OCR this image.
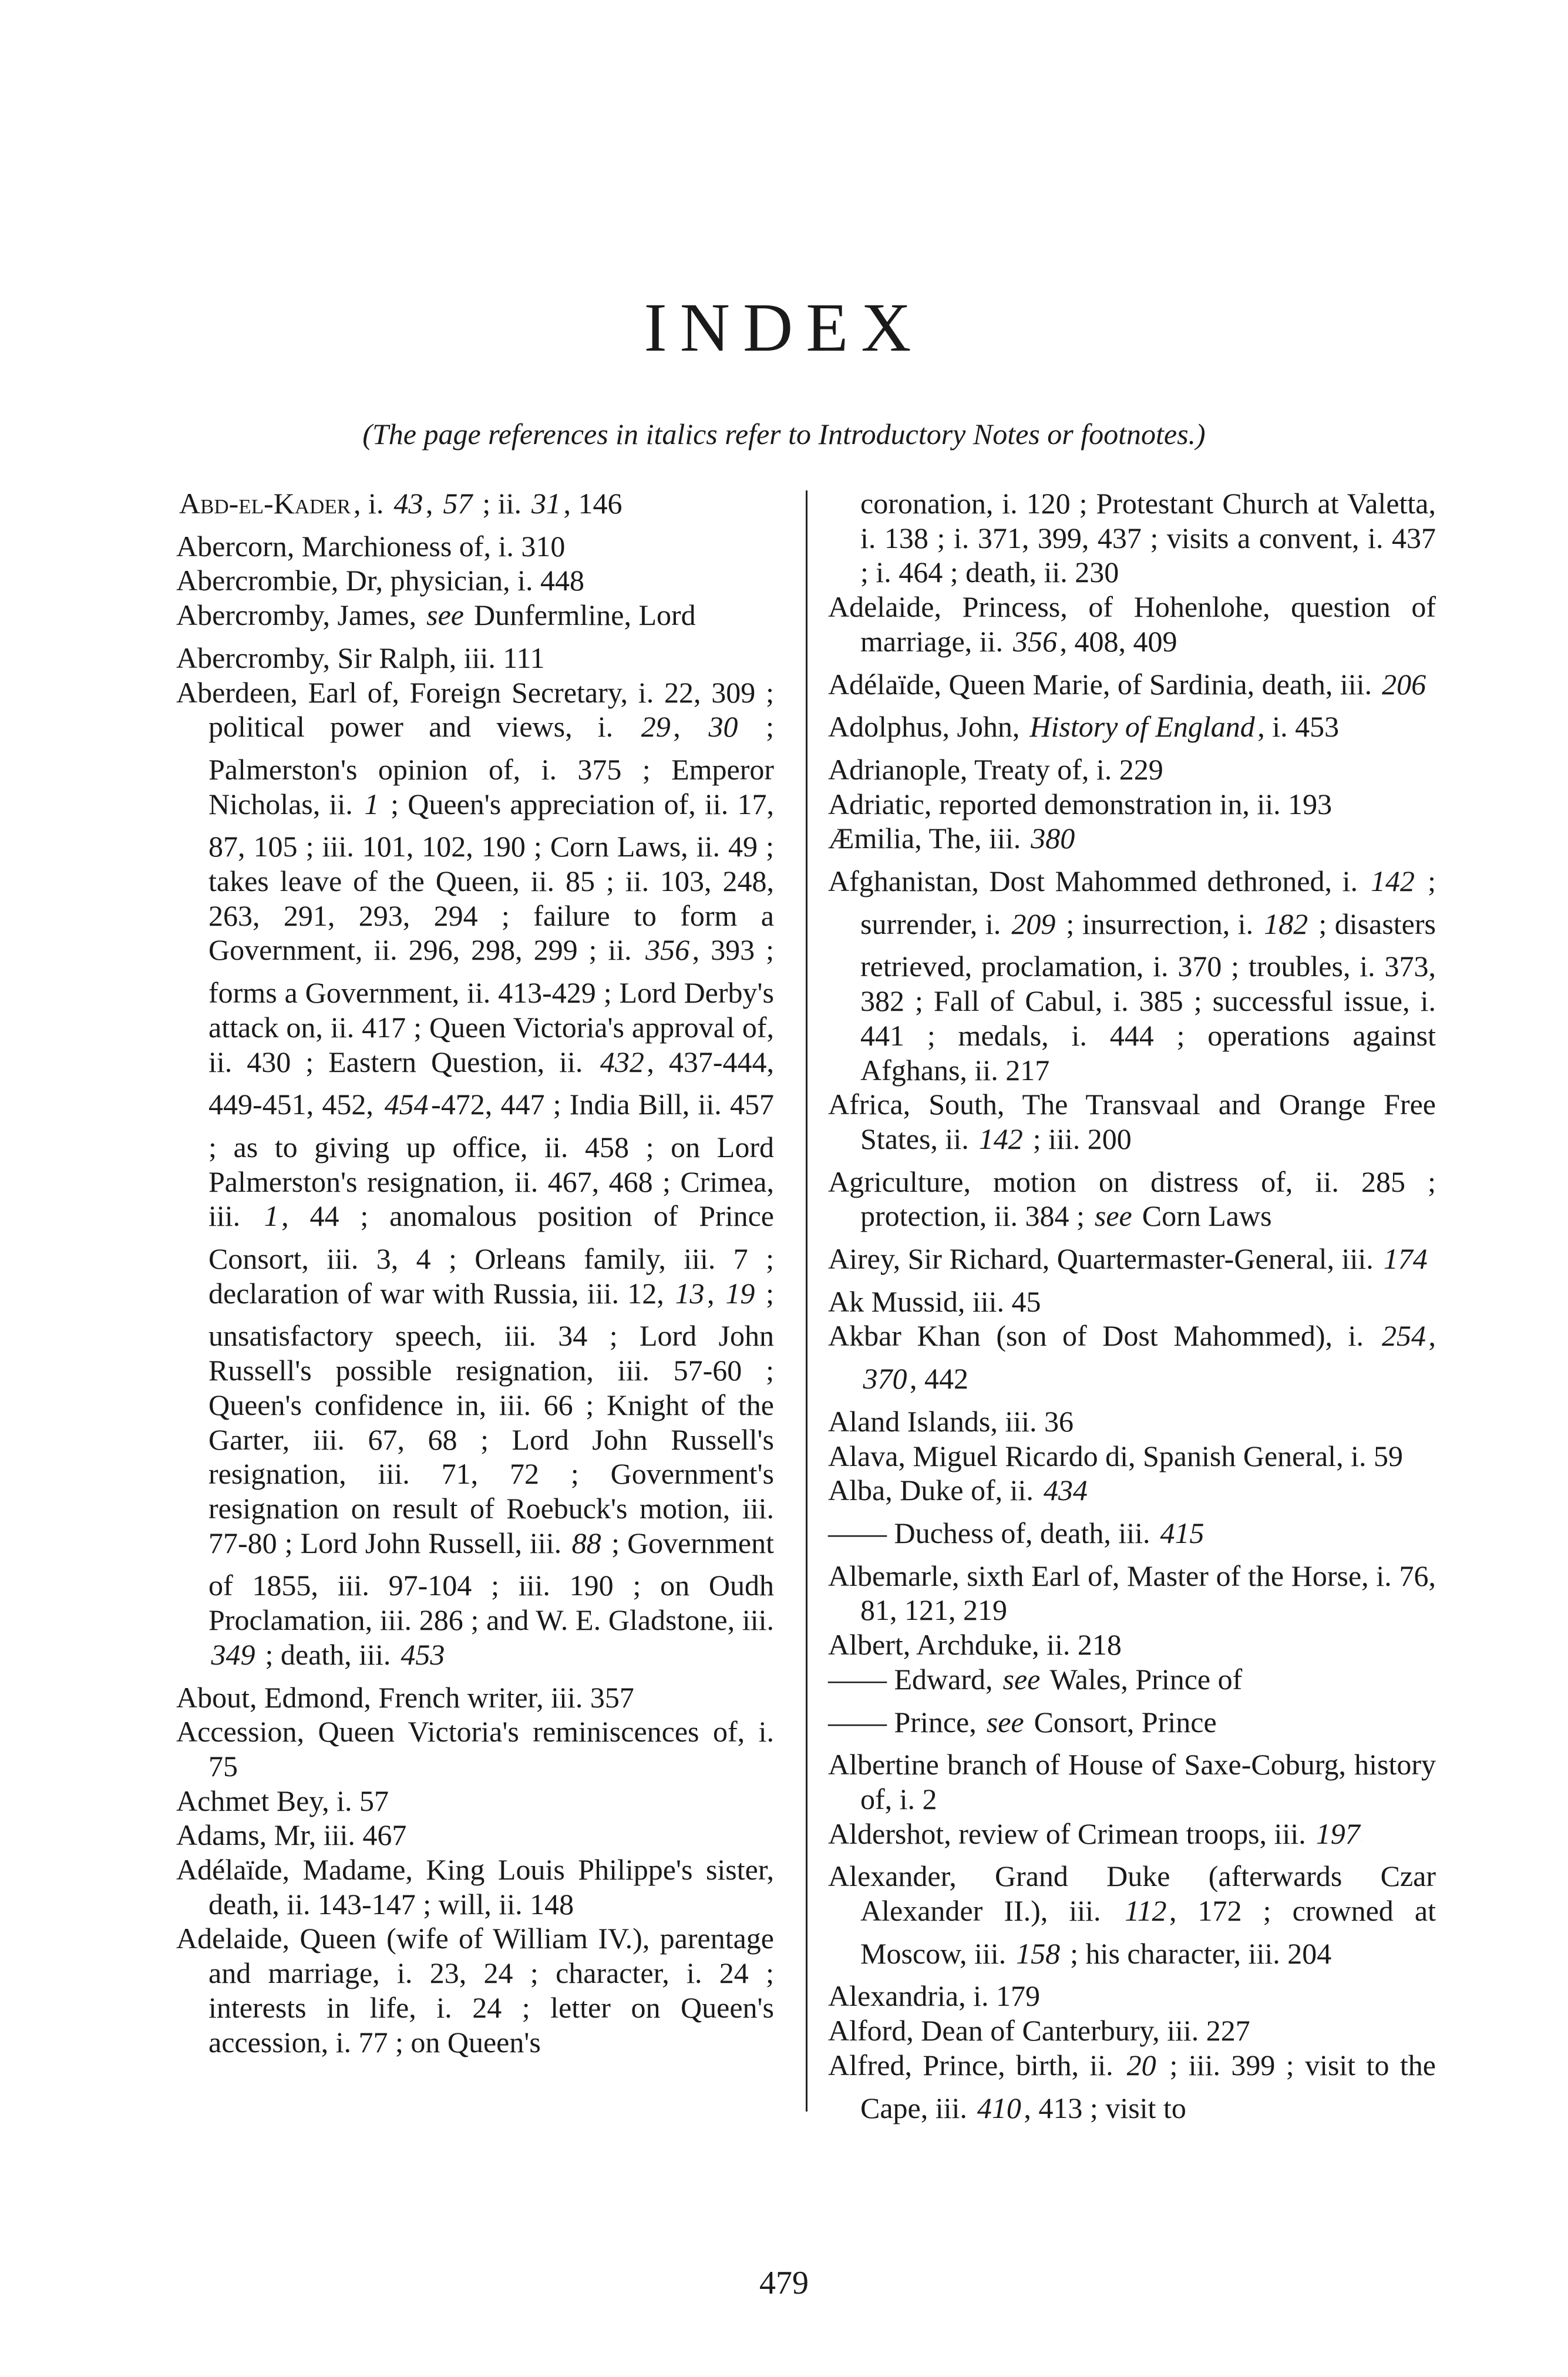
INDEX
(The page references in italics refer to Introductory Notes or footnotes.)

~Abd-el-Kader~, i. *43*, *57* ; ii. *31*, 146

Abercorn, Marchioness of, i. 310

Abercrombie, Dr, physician, i. 448

Abercromby, James, *see* Dunfermline, Lord

Abercromby, Sir Ralph, iii. 111

Aberdeen, Earl of, Foreign Secretary, i. 22, 309 ; political power and views, i. *29*, *30* ; Palmerston's opinion of, i. 375 ; Emperor Nicholas, ii. *1* ; Queen's appreciation of, ii. 17, 87, 105 ; iii. 101, 102, 190 ; Corn Laws, ii. 49 ; takes leave of the Queen, ii. 85 ; ii. 103, 248, 263, 291, 293, 294 ; failure to form a Government, ii. 296, 298, 299 ; ii. *356*, 393 ; forms a Government, ii. 413-429 ; Lord Derby's attack on, ii. 417 ; Queen Victoria's approval of, ii. 430 ; Eastern Question, ii. *432*, 437-444, 449-451, 452, *454*-472, 447 ; India Bill, ii. 457 ; as to giving up office, ii. 458 ; on Lord Palmerston's resignation, ii. 467, 468 ; Crimea, iii. *1*, 44 ; anomalous position of Prince Consort, iii. 3, 4 ; Orleans family, iii. 7 ; declaration of war with Russia, iii. 12, *13*, *19* ; unsatisfactory speech, iii. 34 ; Lord John Russell's possible resignation, iii. 57-60 ; Queen's confidence in, iii. 66 ; Knight of the Garter, iii. 67, 68 ; Lord John Russell's resignation, iii. 71, 72 ; Government's resignation on result of Roebuck's motion, iii. 77-80 ; Lord John Russell, iii. *88* ; Government of 1855, iii. 97-104 ; iii. 190 ; on Oudh Proclamation, iii. 286 ; and W. E. Gladstone, iii. *349* ; death, iii. *453*

About, Edmond, French writer, iii. 357

Accession, Queen Victoria's reminiscences of, i. 75

Achmet Bey, i. 57

Adams, Mr, iii. 467

Adélaïde, Madame, King Louis Philippe's sister, death, ii. 143-147 ; will, ii. 148

Adelaide, Queen (wife of William IV.), parentage and marriage, i. 23, 24 ; character, i. 24 ; interests in life, i. 24 ; letter on Queen's accession, i. 77 ; on Queen's

coronation, i. 120 ; Protestant Church at Valetta, i. 138 ; i. 371, 399, 437 ; visits a convent, i. 437 ; i. 464 ; death, ii. 230

Adelaide, Princess, of Hohenlohe, question of marriage, ii. *356*, 408, 409

Adélaïde, Queen Marie, of Sardinia, death, iii. *206*

Adolphus, John, *History of England*, i. 453

Adrianople, Treaty of, i. 229

Adriatic, reported demonstration in, ii. 193

Æmilia, The, iii. *380*

Afghanistan, Dost Mahommed dethroned, i. *142* ; surrender, i. *209* ; insurrection, i. *182* ; disasters retrieved, proclamation, i. 370 ; troubles, i. 373, 382 ; Fall of Cabul, i. 385 ; successful issue, i. 441 ; medals, i. 444 ; operations against Afghans, ii. 217

Africa, South, The Transvaal and Orange Free States, ii. *142* ; iii. 200

Agriculture, motion on distress of, ii. 285 ; protection, ii. 384 ; *see* Corn Laws

Airey, Sir Richard, Quartermaster-General, iii. *174*

Ak Mussid, iii. 45

Akbar Khan (son of Dost Mahommed), i. *254*, *370*, 442

Aland Islands, iii. 36

Alava, Miguel Ricardo di, Spanish General, i. 59

Alba, Duke of, ii. *434*

—— Duchess of, death, iii. *415*

Albemarle, sixth Earl of, Master of the Horse, i. 76, 81, 121, 219

Albert, Archduke, ii. 218

—— Edward, *see* Wales, Prince of

—— Prince, *see* Consort, Prince

Albertine branch of House of Saxe-Coburg, history of, i. 2

Aldershot, review of Crimean troops, iii. *197*

Alexander, Grand Duke (afterwards Czar Alexander II.), iii. *112*, 172 ; crowned at Moscow, iii. *158* ; his character, iii. 204

Alexandria, i. 179

Alford, Dean of Canterbury, iii. 227

Alfred, Prince, birth, ii. *20* ; iii. 399 ; visit to the Cape, iii. *410*, 413 ; visit to

479
